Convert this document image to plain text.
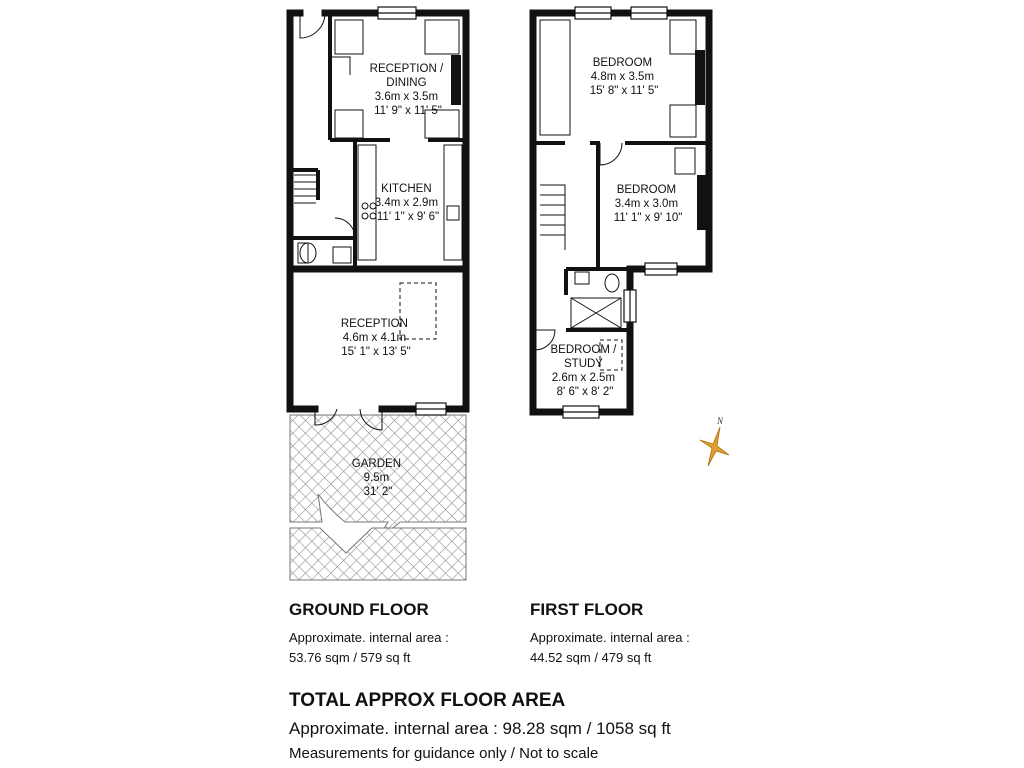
RECEPTION / DINING 3.6m x 3.5m 11' 9" x 11' 5"
KITCHEN 3.4m x 2.9m 11' 1" x 9' 6"
RECEPTION 4.6m x 4.1m 15' 1" x 13' 5"
GARDEN 9.5m 31' 2"
BEDROOM 4.8m x 3.5m 15' 8" x 11' 5"
BEDROOM 3.4m x 3.0m 11' 1" x 9' 10"
BEDROOM / STUDY 2.6m x 2.5m 8' 6" x 8' 2"
N
GROUND FLOOR
Approximate. internal area :
53.76 sqm / 579 sq ft
FIRST FLOOR
Approximate. internal area :
44.52 sqm / 479 sq ft
TOTAL APPROX FLOOR AREA
Approximate. internal area : 98.28 sqm / 1058 sq ft
Measurements for guidance only / Not to scale
